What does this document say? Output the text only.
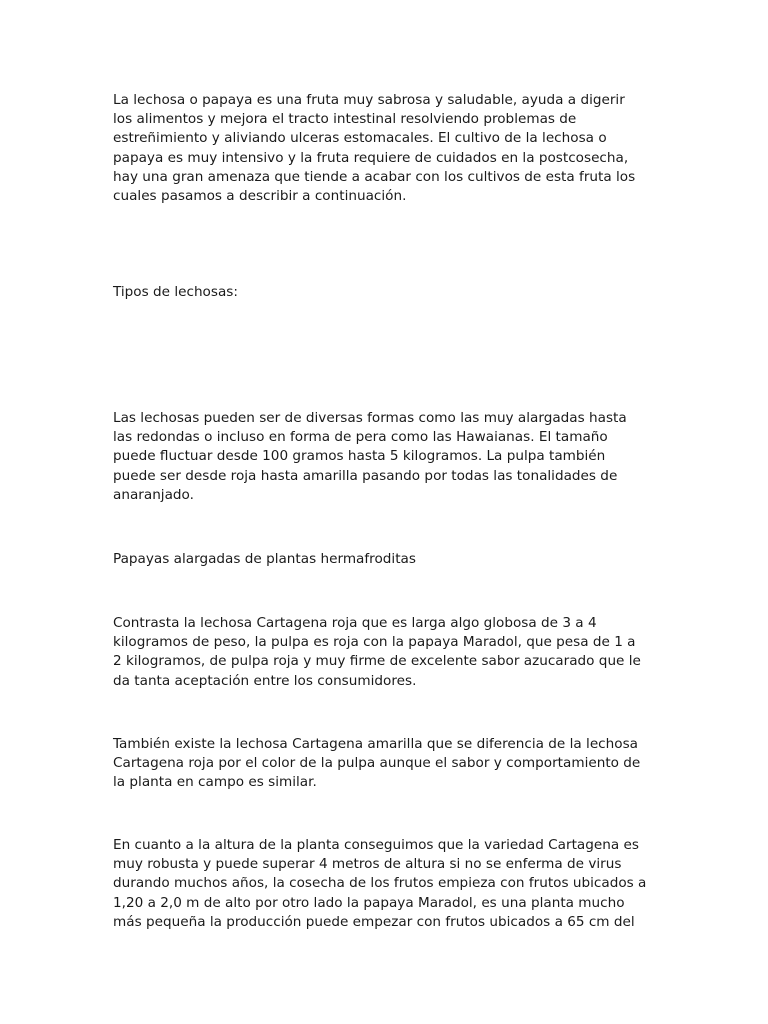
La lechosa o papaya es una fruta muy sabrosa y saludable, ayuda a digerir
los alimentos y mejora el tracto intestinal resolviendo problemas de
estreñimiento y aliviando ulceras estomacales. El cultivo de la lechosa o
papaya es muy intensivo y la fruta requiere de cuidados en la postcosecha,
hay una gran amenaza que tiende a acabar con los cultivos de esta fruta los
cuales pasamos a describir a continuación.

Tipos de lechosas:

Las lechosas pueden ser de diversas formas como las muy alargadas hasta
las redondas o incluso en forma de pera como las Hawaianas. El tamaño
puede fluctuar desde 100 gramos hasta 5 kilogramos. La pulpa también
puede ser desde roja hasta amarilla pasando por todas las tonalidades de
anaranjado.

Papayas alargadas de plantas hermafroditas

Contrasta la lechosa Cartagena roja que es larga algo globosa de 3 a 4
kilogramos de peso, la pulpa es roja con la papaya Maradol, que pesa de 1 a
2 kilogramos, de pulpa roja y muy firme de excelente sabor azucarado que le
da tanta aceptación entre los consumidores.

También existe la lechosa Cartagena amarilla que se diferencia de la lechosa
Cartagena roja por el color de la pulpa aunque el sabor y comportamiento de
la planta en campo es similar.

En cuanto a la altura de la planta conseguimos que la variedad Cartagena es
muy robusta y puede superar 4 metros de altura si no se enferma de virus
durando muchos años, la cosecha de los frutos empieza con frutos ubicados a
1,20 a 2,0 m de alto por otro lado la papaya Maradol, es una planta mucho
más pequeña la producción puede empezar con frutos ubicados a 65 cm del
